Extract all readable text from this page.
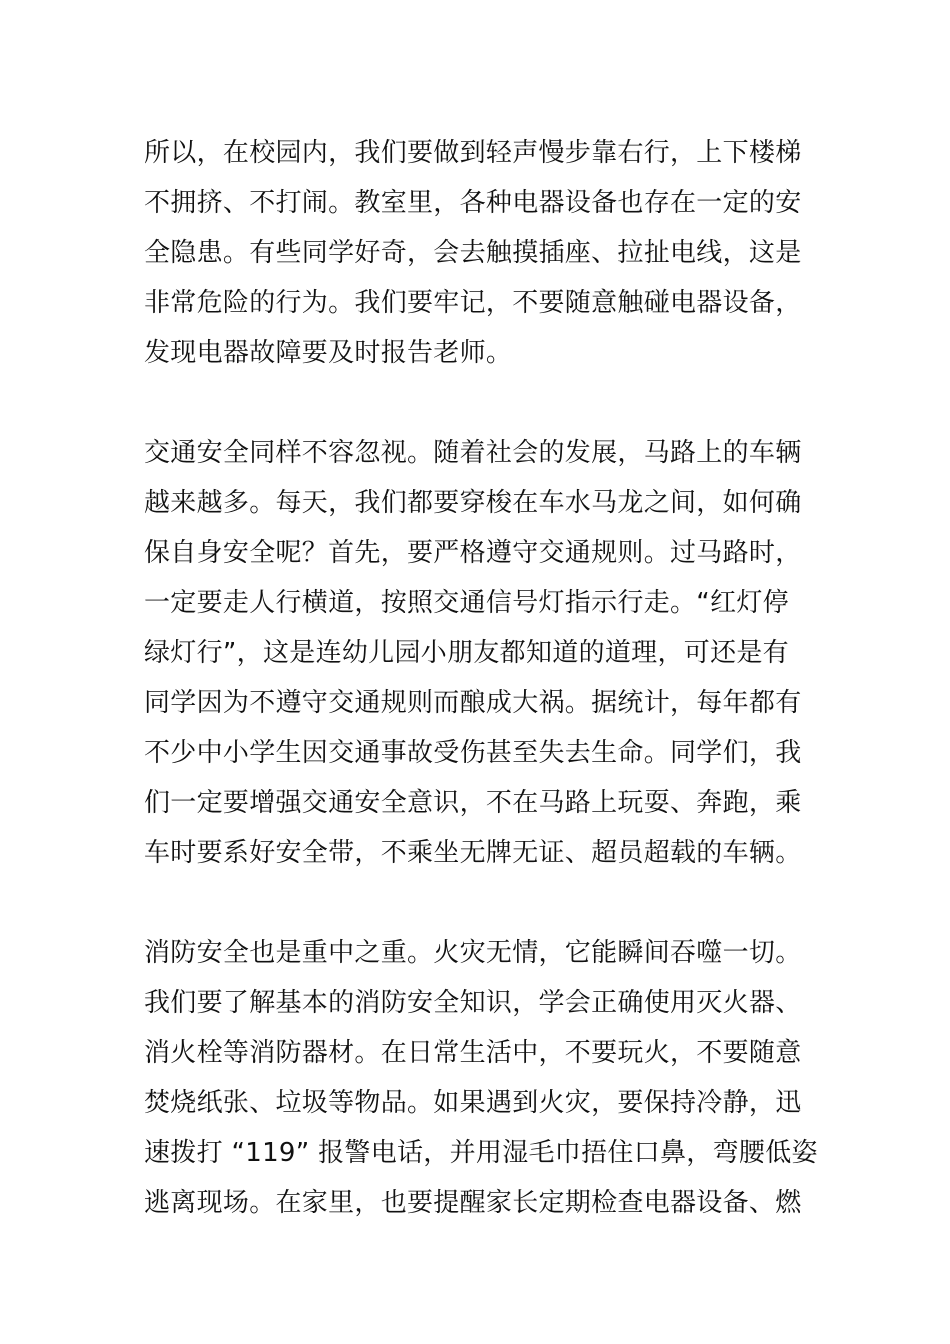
所以，在校园内，我们要做到轻声慢步靠右行，上下楼梯
不拥挤、不打闹。教室里，各种电器设备也存在一定的安
全隐患。有些同学好奇，会去触摸插座、拉扯电线，这是
非常危险的行为。我们要牢记，不要随意触碰电器设备，
发现电器故障要及时报告老师。

交通安全同样不容忽视。随着社会的发展，马路上的车辆
越来越多。每天，我们都要穿梭在车水马龙之间，如何确
保自身安全呢？首先，要严格遵守交通规则。过马路时，
一定要走人行横道，按照交通信号灯指示行走。“红灯停
绿灯行”，这是连幼儿园小朋友都知道的道理，可还是有
同学因为不遵守交通规则而酿成大祸。据统计，每年都有
不少中小学生因交通事故受伤甚至失去生命。同学们，我
们一定要增强交通安全意识，不在马路上玩耍、奔跑，乘
车时要系好安全带，不乘坐无牌无证、超员超载的车辆。

消防安全也是重中之重。火灾无情，它能瞬间吞噬一切。
我们要了解基本的消防安全知识，学会正确使用灭火器、
消火栓等消防器材。在日常生活中，不要玩火，不要随意
焚烧纸张、垃圾等物品。如果遇到火灾，要保持冷静，迅
速拨打 “119” 报警电话，并用湿毛巾捂住口鼻，弯腰低姿
逃离现场。在家里，也要提醒家长定期检查电器设备、燃
